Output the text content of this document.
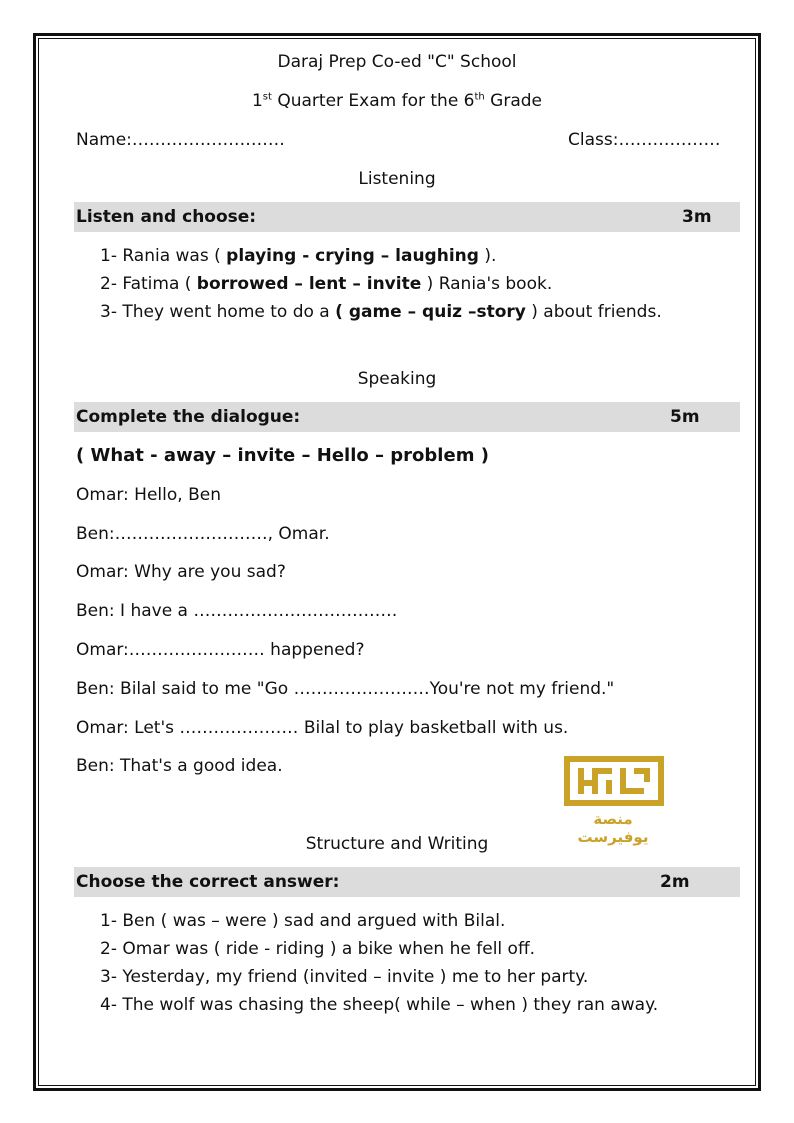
Daraj Prep Co-ed "C" School
1st Quarter Exam for the 6th Grade
Name:………………………	Class:………………
Listening
Listen and choose:	3m
1- Rania was ( playing - crying – laughing ).
2- Fatima ( borrowed – lent – invite ) Rania's book.
3- They went home to do a ( game – quiz –story ) about friends.
Speaking
Complete the dialogue:	5m
( What - away – invite – Hello – problem )
Omar: Hello, Ben
Ben:………………………, Omar.
Omar: Why are you sad?
Ben: I have a ………………………………
Omar:…………………… happened?
Ben: Bilal said to me "Go ……………………You're not my friend."
Omar: Let's ………………… Bilal to play basketball with us.
Ben: That's a good idea.
منصة يوفيرست
Structure and Writing
Choose the correct answer:	2m
1- Ben ( was – were ) sad and argued with Bilal.
2- Omar was ( ride - riding ) a bike when he fell off.
3- Yesterday, my friend (invited – invite ) me to her party.
4- The wolf was chasing the sheep( while – when ) they ran away.
